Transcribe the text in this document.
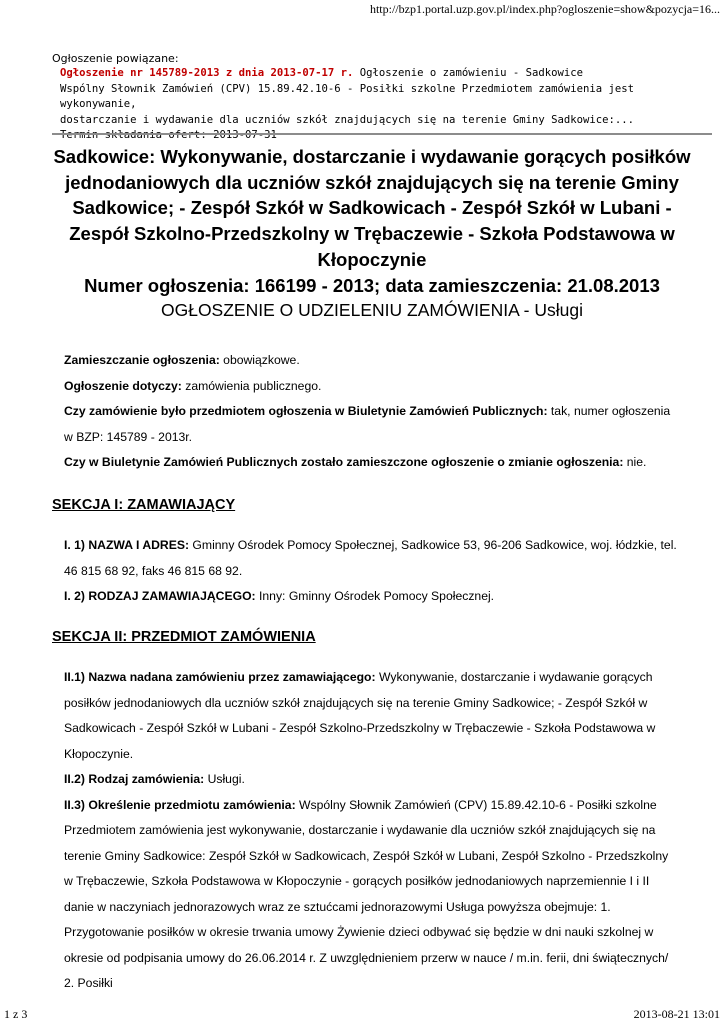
http://bzp1.portal.uzp.gov.pl/index.php?ogloszenie=show&pozycja=16...
Ogłoszenie powiązane:
Ogłoszenie nr 145789-2013 z dnia 2013-07-17 r. Ogłoszenie o zamówieniu - Sadkowice
Wspólny Słownik Zamówień (CPV) 15.89.42.10-6 - Posiłki szkolne Przedmiotem zamówienia jest wykonywanie,
dostarczanie i wydawanie dla uczniów szkół znajdujących się na terenie Gminy Sadkowice:...
Termin składania ofert: 2013-07-31
Sadkowice: Wykonywanie, dostarczanie i wydawanie gorących posiłków jednodaniowych dla uczniów szkół znajdujących się na terenie Gminy Sadkowice; - Zespół Szkół w Sadkowicach - Zespół Szkół w Lubani - Zespół Szkolno-Przedszkolny w Trębaczewie - Szkoła Podstawowa w Kłopoczynie
Numer ogłoszenia: 166199 - 2013; data zamieszczenia: 21.08.2013
OGŁOSZENIE O UDZIELENIU ZAMÓWIENIA - Usługi

Zamieszczanie ogłoszenia: obowiązkowe.

Ogłoszenie dotyczy: zamówienia publicznego.

Czy zamówienie było przedmiotem ogłoszenia w Biuletynie Zamówień Publicznych: tak, numer ogłoszenia w BZP: 145789 - 2013r.

Czy w Biuletynie Zamówień Publicznych zostało zamieszczone ogłoszenie o zmianie ogłoszenia: nie.

SEKCJA I: ZAMAWIAJĄCY

I. 1) NAZWA I ADRES: Gminny Ośrodek Pomocy Społecznej, Sadkowice 53, 96-206 Sadkowice, woj. łódzkie, tel. 46 815 68 92, faks 46 815 68 92.

I. 2) RODZAJ ZAMAWIAJĄCEGO: Inny: Gminny Ośrodek Pomocy Społecznej.

SEKCJA II: PRZEDMIOT ZAMÓWIENIA

II.1) Nazwa nadana zamówieniu przez zamawiającego: Wykonywanie, dostarczanie i wydawanie gorących posiłków jednodaniowych dla uczniów szkół znajdujących się na terenie Gminy Sadkowice; - Zespół Szkół w Sadkowicach - Zespół Szkół w Lubani - Zespół Szkolno-Przedszkolny w Trębaczewie - Szkoła Podstawowa w Kłopoczynie.

II.2) Rodzaj zamówienia: Usługi.

II.3) Określenie przedmiotu zamówienia: Wspólny Słownik Zamówień (CPV) 15.89.42.10-6 - Posiłki szkolne Przedmiotem zamówienia jest wykonywanie, dostarczanie i wydawanie dla uczniów szkół znajdujących się na terenie Gminy Sadkowice: Zespół Szkół w Sadkowicach, Zespół Szkół w Lubani, Zespół Szkolno - Przedszkolny w Trębaczewie, Szkoła Podstawowa w Kłopoczynie - gorących posiłków jednodaniowych naprzemiennie I i II danie w naczyniach jednorazowych wraz ze sztućcami jednorazowymi Usługa powyższa obejmuje: 1. Przygotowanie posiłków w okresie trwania umowy Żywienie dzieci odbywać się będzie w dni nauki szkolnej w okresie od podpisania umowy do 26.06.2014 r. Z uwzględnieniem przerw w nauce / m.in. ferii, dni świątecznych/ 2. Posiłki

1 z 3	2013-08-21 13:01
